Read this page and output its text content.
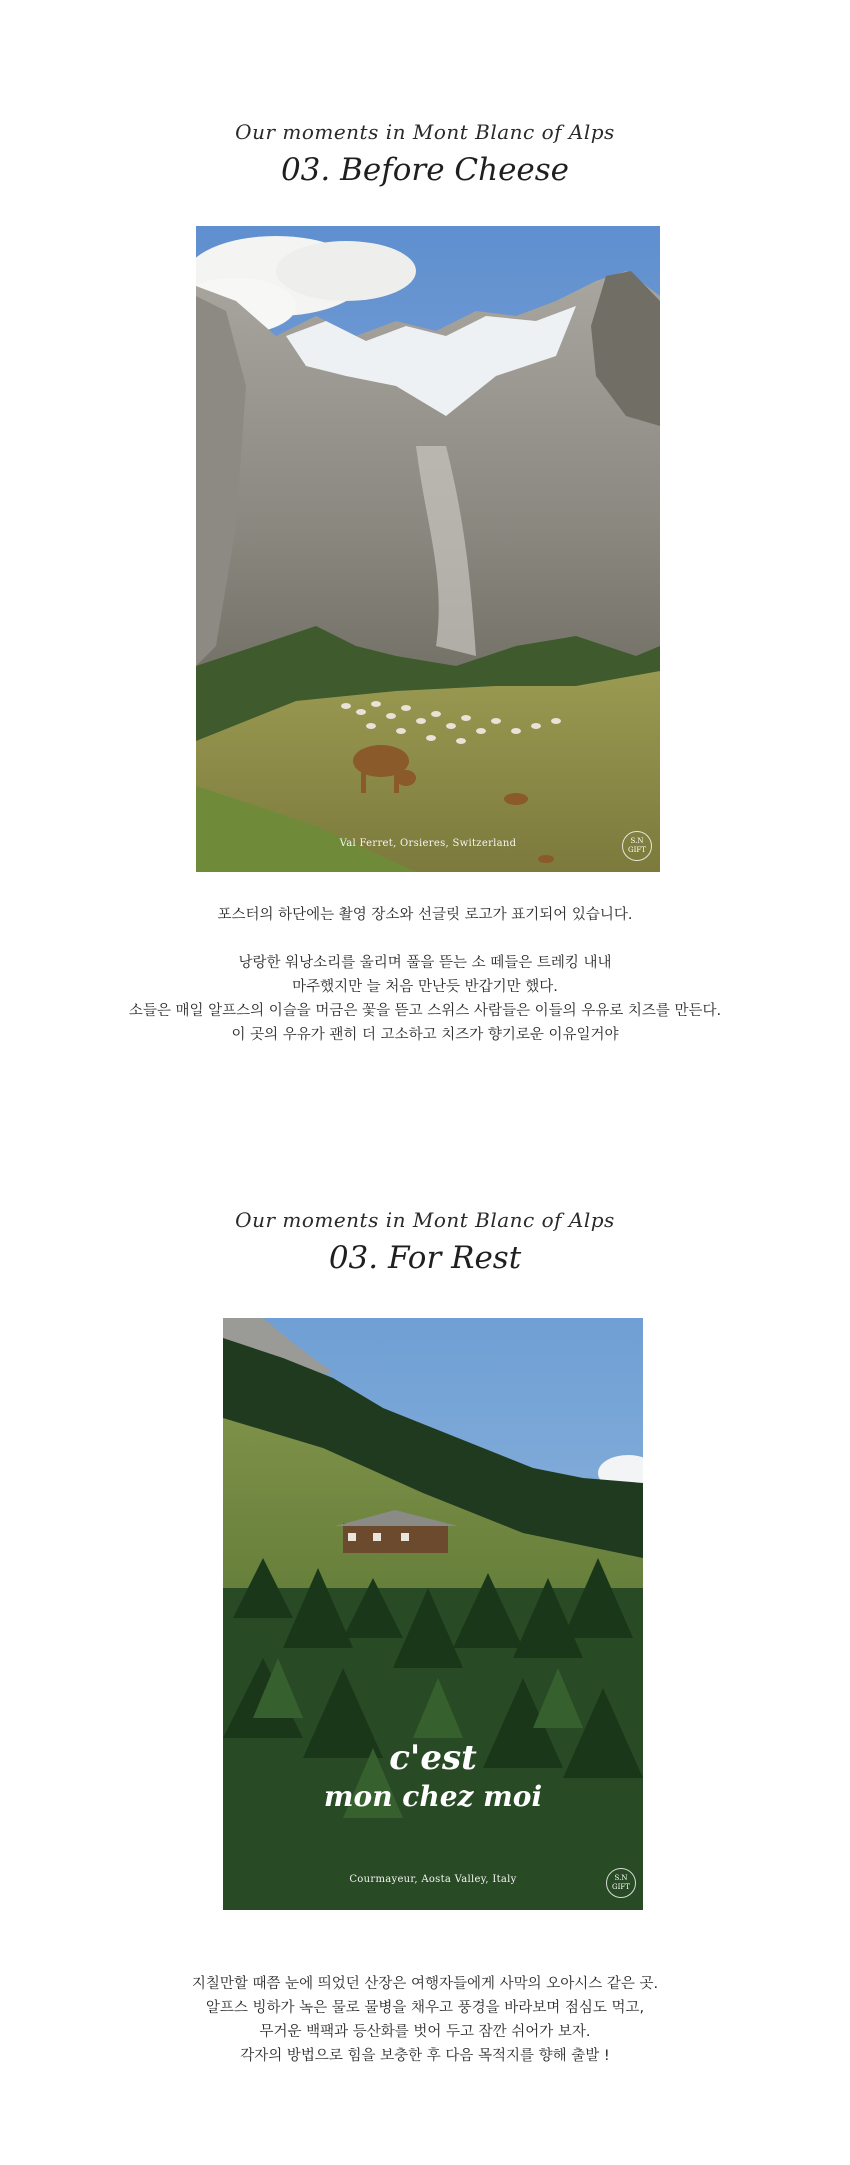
Our moments in Mont Blanc of Alps

03. Before Cheese
Val Ferret, Orsieres, Switzerland	S.N GIFT

포스터의 하단에는 촬영 장소와 선글릿 로고가 표기되어 있습니다.

낭랑한 워낭소리를 울리며 풀을 뜯는 소 떼들은 트레킹 내내

마주했지만 늘 처음 만난듯 반갑기만 했다.

소들은 매일 알프스의 이슬을 머금은 꽃을 뜯고 스위스 사람들은 이들의 우유로 치즈를 만든다.

이 곳의 우유가 괜히 더 고소하고 치즈가 향기로운 이유일거야

Our moments in Mont Blanc of Alps

03. For Rest
c'est
mon chez moi
Courmayeur, Aosta Valley, Italy	S.N GIFT

지칠만할 때쯤 눈에 띄었던 산장은 여행자들에게 사막의 오아시스 같은 곳.

알프스 빙하가 녹은 물로 물병을 채우고 풍경을 바라보며 점심도 먹고,

무거운 백팩과 등산화를 벗어 두고 잠깐 쉬어가 보자.

각자의 방법으로 힘을 보충한 후 다음 목적지를 향해 출발 !
